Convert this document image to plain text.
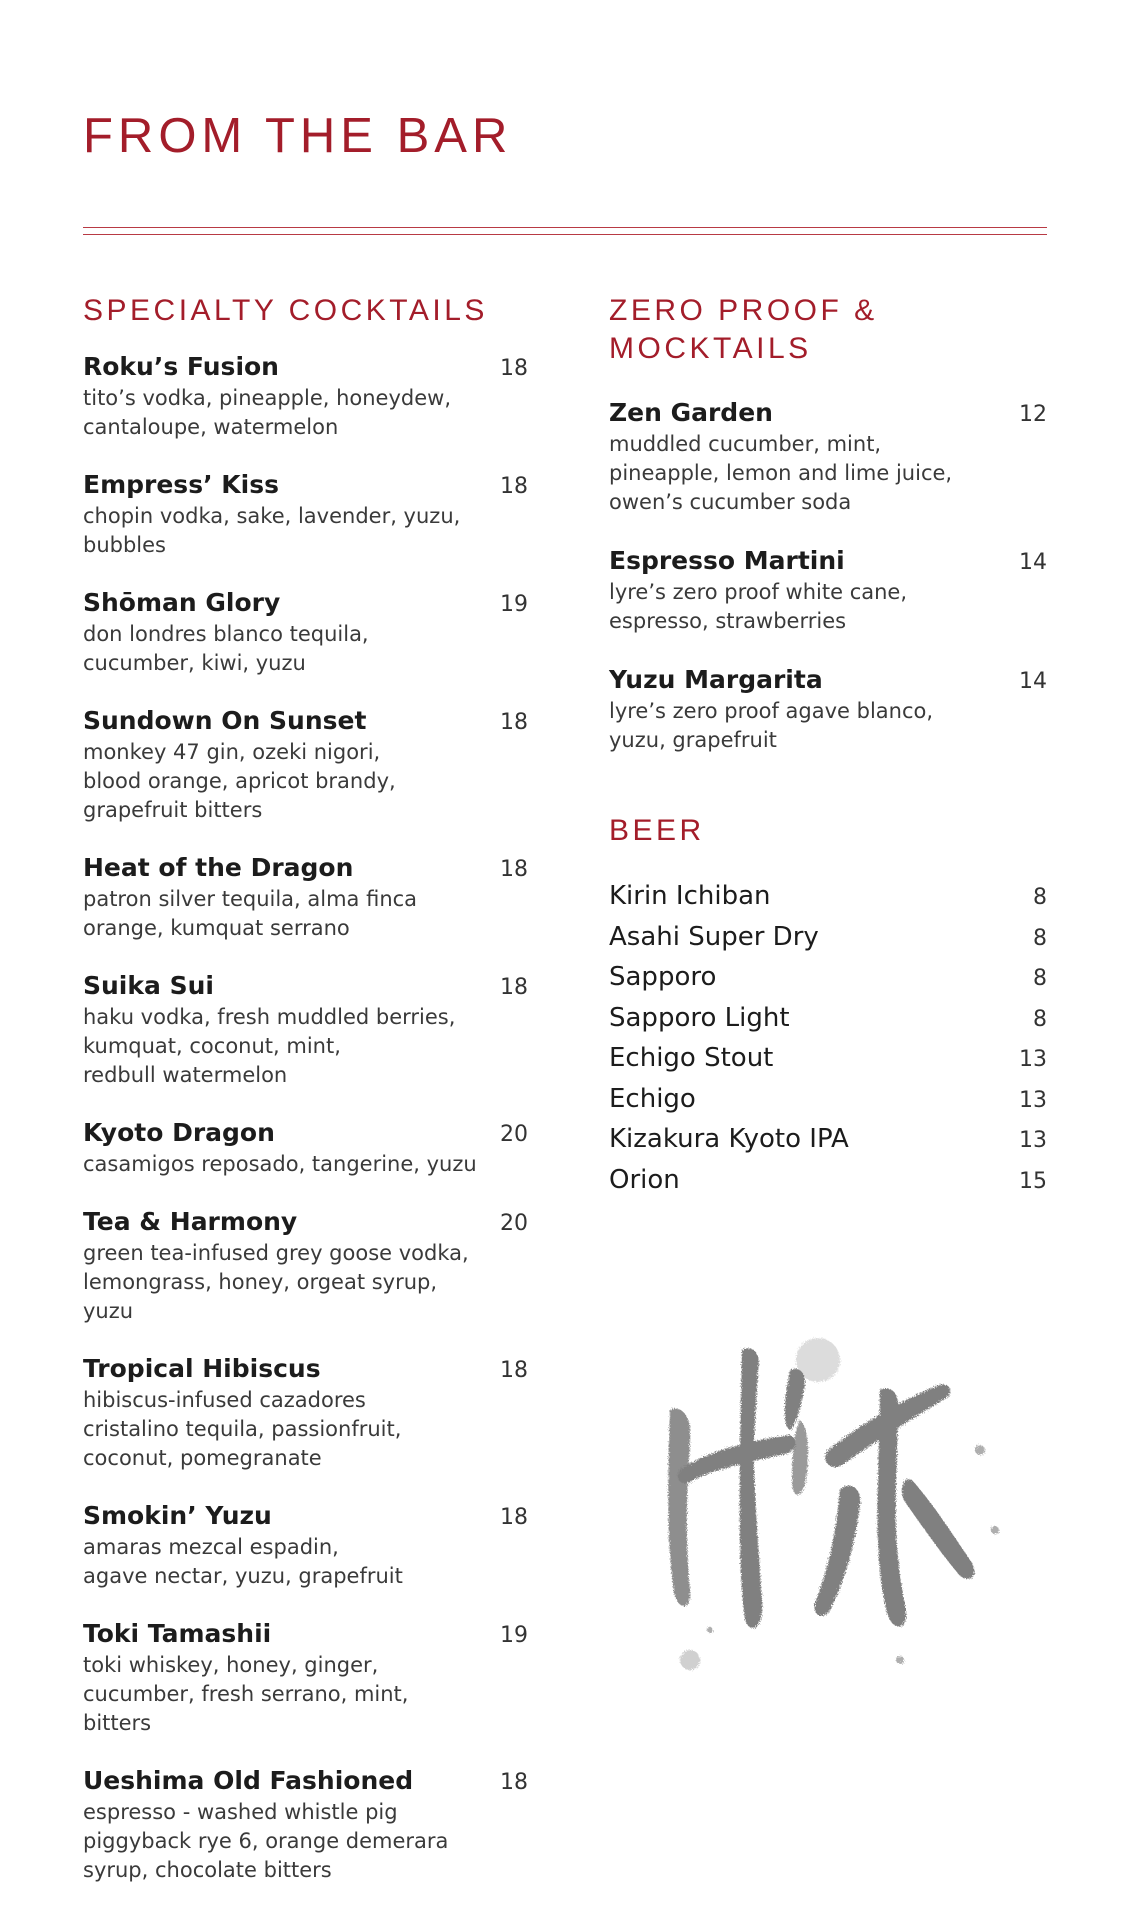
FROM THE BAR
SPECIALTY COCKTAILS
Roku’s Fusion	18
tito’s vodka, pineapple, honeydew,
cantaloupe, watermelon
Empress’ Kiss	18
chopin vodka, sake, lavender, yuzu,
bubbles
Shōman Glory	19
don londres blanco tequila,
cucumber, kiwi, yuzu
Sundown On Sunset	18
monkey 47 gin, ozeki nigori,
blood orange, apricot brandy,
grapefruit bitters
Heat of the Dragon	18
patron silver tequila, alma finca
orange, kumquat serrano
Suika Sui	18
haku vodka, fresh muddled berries,
kumquat, coconut, mint,
redbull watermelon
Kyoto Dragon	20
casamigos reposado, tangerine, yuzu
Tea & Harmony	20
green tea-infused grey goose vodka,
lemongrass, honey, orgeat syrup,
yuzu
Tropical Hibiscus	18
hibiscus-infused cazadores
cristalino tequila, passionfruit,
coconut, pomegranate
Smokin’ Yuzu	18
amaras mezcal espadin,
agave nectar, yuzu, grapefruit
Toki Tamashii	19
toki whiskey, honey, ginger,
cucumber, fresh serrano, mint,
bitters
Ueshima Old Fashioned	18
espresso - washed whistle pig
piggyback rye 6, orange demerara
syrup, chocolate bitters
ZERO PROOF &
MOCKTAILS
Zen Garden	12
muddled cucumber, mint,
pineapple, lemon and lime juice,
owen’s cucumber soda
Espresso Martini	14
lyre’s zero proof white cane,
espresso, strawberries
Yuzu Margarita	14
lyre’s zero proof agave blanco,
yuzu, grapefruit
BEER
Kirin Ichiban	8
Asahi Super Dry	8
Sapporo	8
Sapporo Light	8
Echigo Stout	13
Echigo	13
Kizakura Kyoto IPA	13
Orion	15
